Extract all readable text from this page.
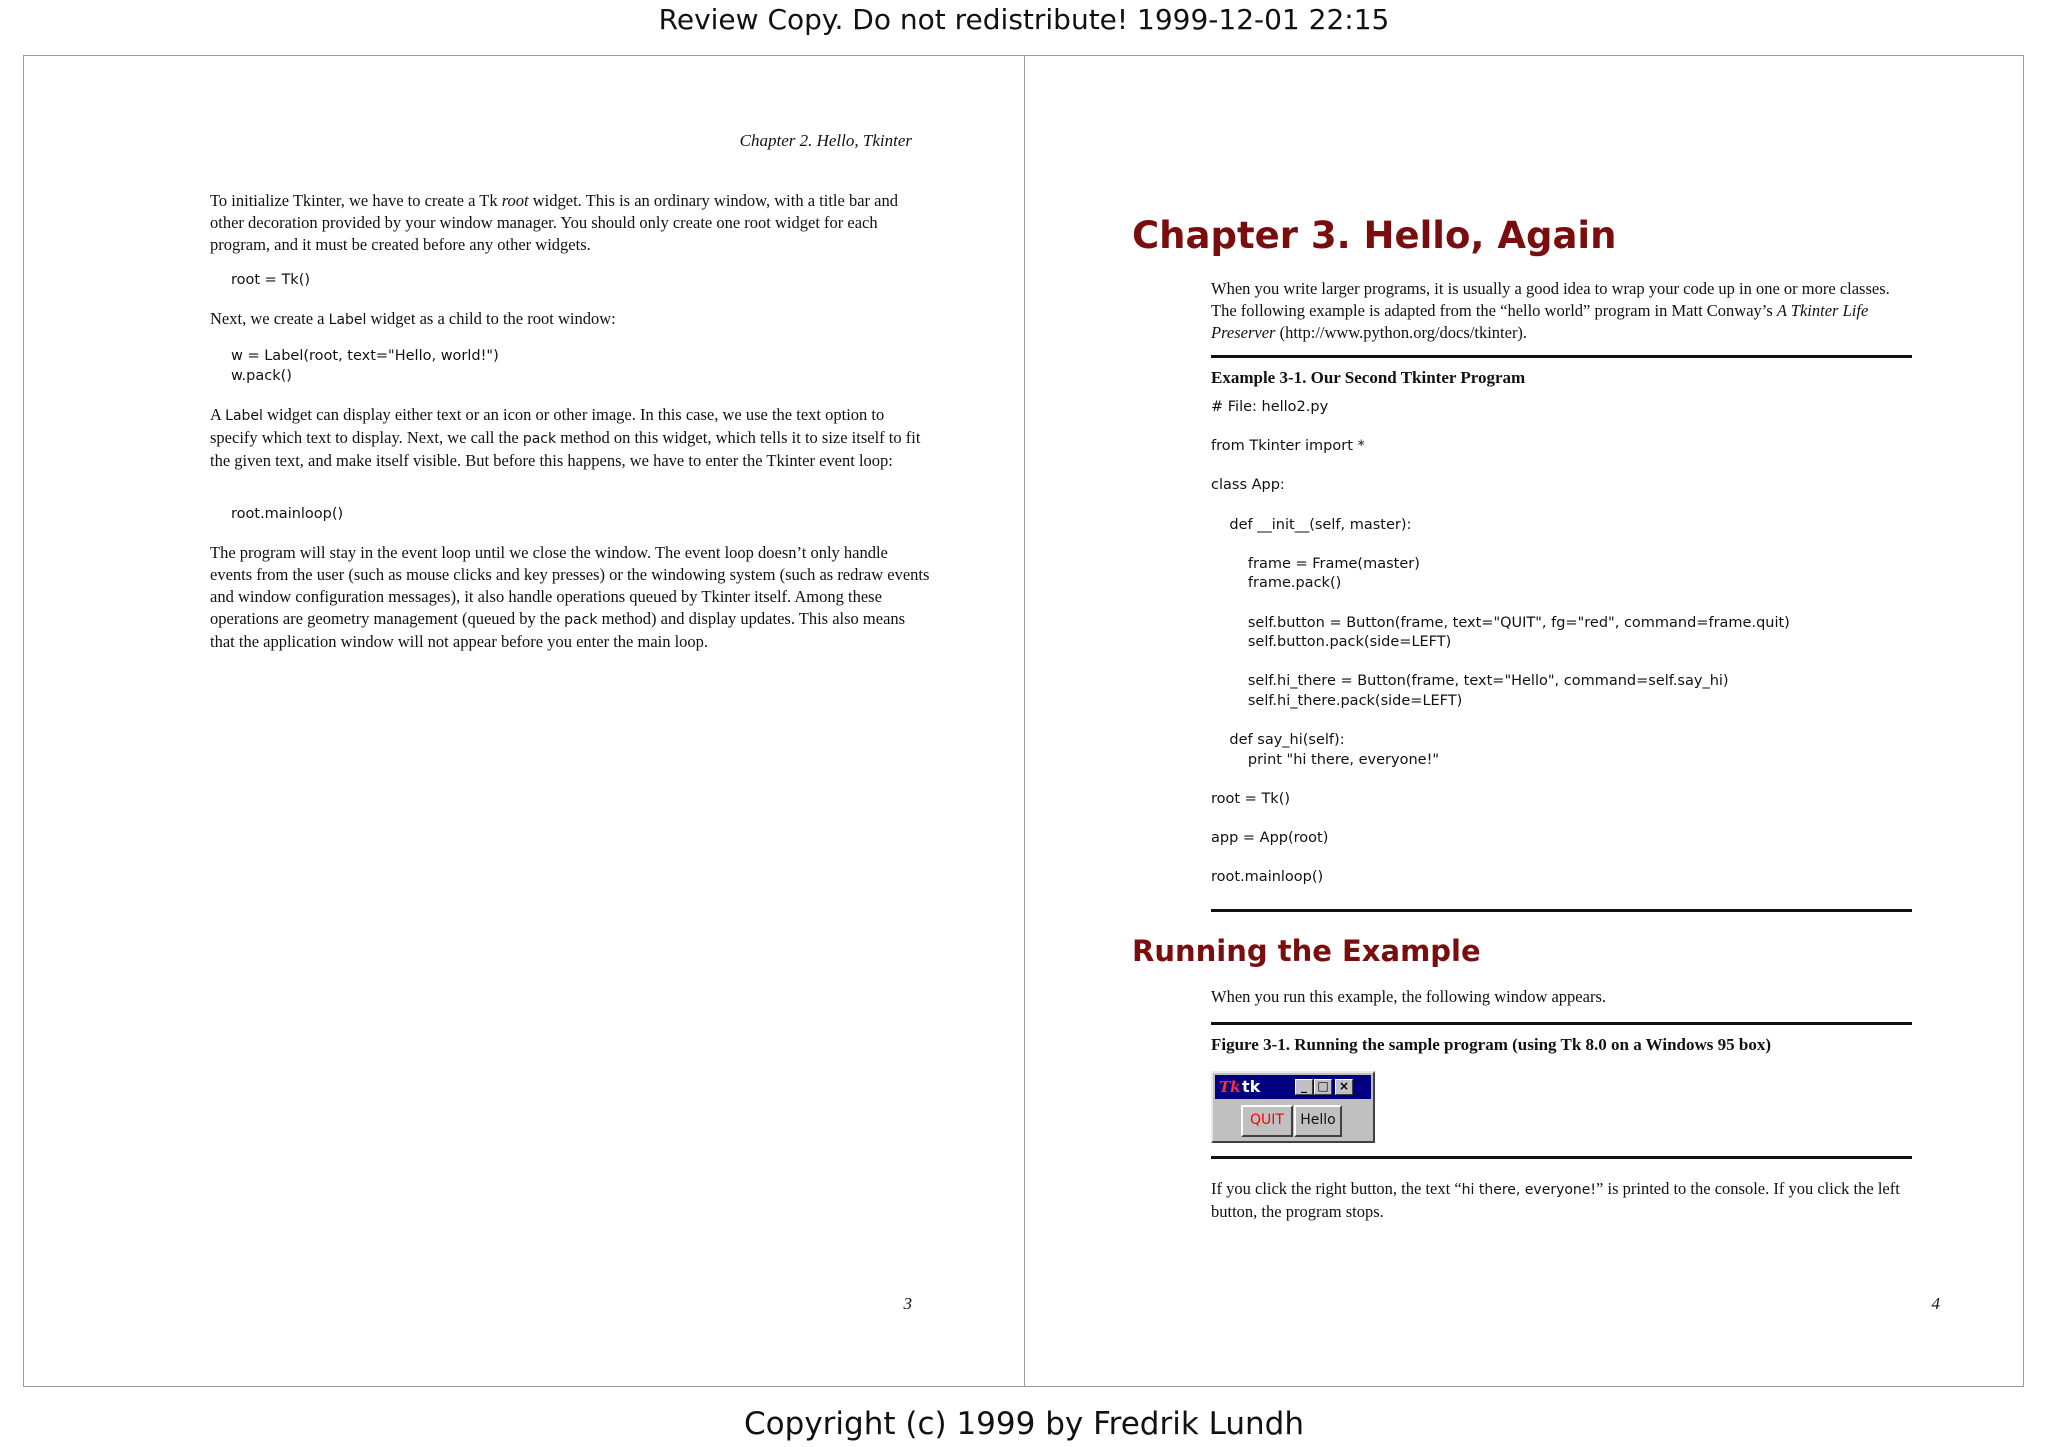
Review Copy. Do not redistribute! 1999-12-01 22:15
Chapter 2. Hello, Tkinter

To initialize Tkinter, we have to create a Tk root widget. This is an ordinary window, with a title bar and other decoration provided by your window manager. You should only create one root widget for each program, and it must be created before any other widgets.

root = Tk()

Next, we create a Label widget as a child to the root window:

w = Label(root, text="Hello, world!")
w.pack()

A Label widget can display either text or an icon or other image. In this case, we use the text option to specify which text to display. Next, we call the pack method on this widget, which tells it to size itself to fit the given text, and make itself visible. But before this happens, we have to enter the Tkinter event loop:

root.mainloop()

The program will stay in the event loop until we close the window. The event loop doesn’t only handle events from the user (such as mouse clicks and key presses) or the windowing system (such as redraw events and window configuration messages), it also handle operations queued by Tkinter itself. Among these operations are geometry management (queued by the pack method) and display updates. This also means that the application window will not appear before you enter the main loop.

3
Chapter 3. Hello, Again
When you write larger programs, it is usually a good idea to wrap your code up in one or more classes. The following example is adapted from the “hello world” program in Matt Conway’s A Tkinter Life Preserver (http://www.python.org/docs/tkinter).
Example 3-1. Our Second Tkinter Program
# File: hello2.py

from Tkinter import *

class App:

def __init__(self, master):

frame = Frame(master)
frame.pack()

self.button = Button(frame, text="QUIT", fg="red", command=frame.quit)
self.button.pack(side=LEFT)

self.hi_there = Button(frame, text="Hello", command=self.say_hi)
self.hi_there.pack(side=LEFT)

def say_hi(self):
print "hi there, everyone!"

root = Tk()

app = App(root)

root.mainloop()
Running the Example
When you run this example, the following window appears.
Figure 3-1. Running the sample program (using Tk 8.0 on a Windows 95 box)
Tk tk	_ □ ×
QUIT	Hello
If you click the right button, the text “hi there, everyone!” is printed to the console. If you click the left button, the program stops.
4
Copyright (c) 1999 by Fredrik Lundh
